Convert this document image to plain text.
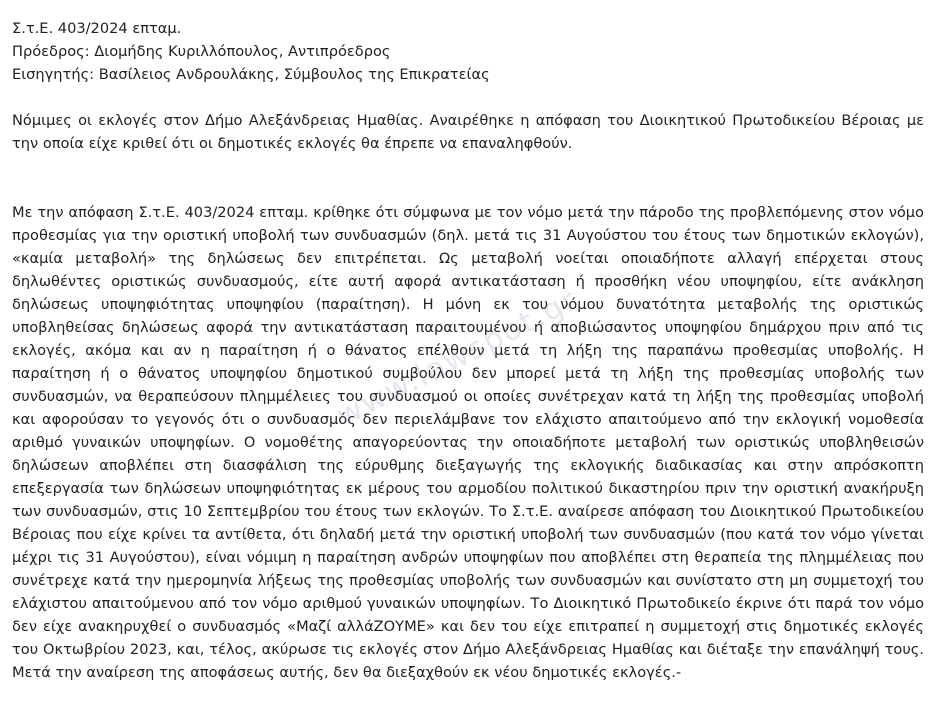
Σ.τ.Ε. 403/2024 επταμ.

Πρόεδρος: Διομήδης Κυριλλόπουλος, Αντιπρόεδρος

Εισηγητής: Βασίλειος Ανδρουλάκης, Σύμβουλος της Επικρατείας

Νόμιμες οι εκλογές στον Δήμο Αλεξάνδρειας Ημαθίας. Αναιρέθηκε η απόφαση του Διοικητικού Πρωτοδικείου Βέροιας με την οποία είχε κριθεί ότι οι δημοτικές εκλογές θα έπρεπε να επαναληφθούν.

Με την απόφαση Σ.τ.Ε. 403/2024 επταμ. κρίθηκε ότι σύμφωνα με τον νόμο μετά την πάροδο της προβλεπόμενης στον νόμο προθεσμίας για την οριστική υποβολή των συνδυασμών (δηλ. μετά τις 31 Αυγούστου του έτους των δημοτικών εκλογών), «καμία μεταβολή» της δηλώσεως δεν επιτρέπεται. Ως μεταβολή νοείται οποιαδήποτε αλλαγή επέρχεται στους δηλωθέντες οριστικώς συνδυασμούς, είτε αυτή αφορά αντικατάσταση ή προσθήκη νέου υποψηφίου, είτε ανάκληση δηλώσεως υποψηφιότητας υποψηφίου (παραίτηση). Η μόνη εκ του νόμου δυνατότητα μεταβολής της οριστικώς υποβληθείσας δηλώσεως αφορά την αντικατάσταση παραιτουμένου ή αποβιώσαντος υποψηφίου δημάρχου πριν από τις εκλογές, ακόμα και αν η παραίτηση ή ο θάνατος επέλθουν μετά τη λήξη της παραπάνω προθεσμίας υποβολής. Η παραίτηση ή ο θάνατος υποψηφίου δημοτικού συμβούλου δεν μπορεί μετά τη λήξη της προθεσμίας υποβολής των συνδυασμών, να θεραπεύσουν πλημμέλειες του συνδυασμού οι οποίες συνέτρεχαν κατά τη λήξη της προθεσμίας υποβολή και αφορούσαν το γεγονός ότι ο συνδυασμός δεν περιελάμβανε τον ελάχιστο απαιτούμενο από την εκλογική νομοθεσία αριθμό γυναικών υποψηφίων. Ο νομοθέτης απαγορεύοντας την οποιαδήποτε μεταβολή των οριστικώς υποβληθεισών δηλώσεων αποβλέπει στη διασφάλιση της εύρυθμης διεξαγωγής της εκλογικής διαδικασίας και στην απρόσκοπτη επεξεργασία των δηλώσεων υποψηφιότητας εκ μέρους του αρμοδίου πολιτικού δικαστηρίου πριν την οριστική ανακήρυξη των συνδυασμών, στις 10 Σεπτεμβρίου του έτους των εκλογών. Το Σ.τ.Ε. αναίρεσε απόφαση του Διοικητικού Πρωτοδικείου Βέροιας που είχε κρίνει τα αντίθετα, ότι δηλαδή μετά την οριστική υποβολή των συνδυασμών (που κατά τον νόμο γίνεται μέχρι τις 31 Αυγούστου), είναι νόμιμη η παραίτηση ανδρών υποψηφίων που αποβλέπει στη θεραπεία της πλημμέλειας που συνέτρεχε κατά την ημερομηνία λήξεως της προθεσμίας υποβολής των συνδυασμών και συνίστατο στη μη συμμετοχή του ελάχιστου απαιτούμενου από τον νόμο αριθμού γυναικών υποψηφίων. Το Διοικητικό Πρωτοδικείο έκρινε ότι παρά τον νόμο δεν είχε ανακηρυχθεί ο συνδυασμός «Μαζί αλλάΖΟΥΜΕ» και δεν του είχε επιτραπεί η συμμετοχή στις δημοτικές εκλογές του Οκτωβρίου 2023, και, τέλος, ακύρωσε τις εκλογές στον Δήμο Αλεξάνδρειας Ημαθίας και διέταξε την επανάληψή τους. Μετά την αναίρεση της αποφάσεως αυτής, δεν θα διεξαχθούν εκ νέου δημοτικές εκλογές.-

www.lawspot.gr
